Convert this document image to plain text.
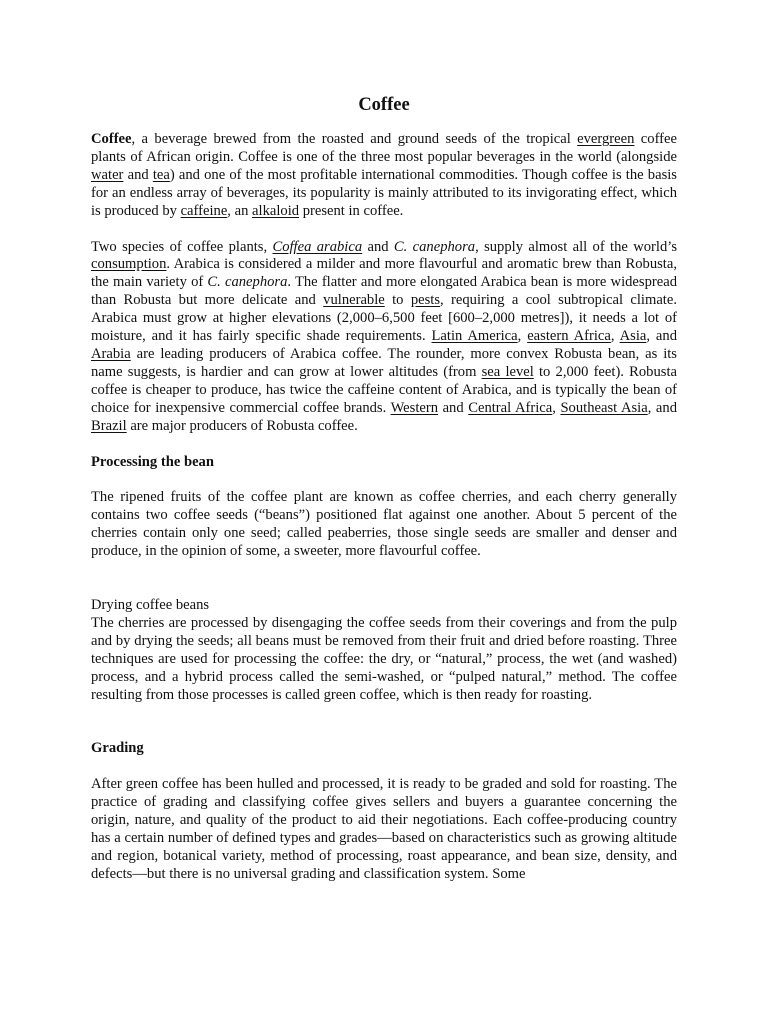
Coffee

Coffee, a beverage brewed from the roasted and ground seeds of the tropical evergreen coffee plants of African origin. Coffee is one of the three most popular beverages in the world (alongside water and tea) and one of the most profitable international commodities. Though coffee is the basis for an endless array of beverages, its popularity is mainly attributed to its invigorating effect, which is produced by caffeine, an alkaloid present in coffee.

Two species of coffee plants, Coffea arabica and C. canephora, supply almost all of the world’s consumption. Arabica is considered a milder and more flavourful and aromatic brew than Robusta, the main variety of C. canephora. The flatter and more elongated Arabica bean is more widespread than Robusta but more delicate and vulnerable to pests, requiring a cool subtropical climate. Arabica must grow at higher elevations (2,000–6,500 feet [600–2,000 metres]), it needs a lot of moisture, and it has fairly specific shade requirements. Latin America, eastern Africa, Asia, and Arabia are leading producers of Arabica coffee. The rounder, more convex Robusta bean, as its name suggests, is hardier and can grow at lower altitudes (from sea level to 2,000 feet). Robusta coffee is cheaper to produce, has twice the caffeine content of Arabica, and is typically the bean of choice for inexpensive commercial coffee brands. Western and Central Africa, Southeast Asia, and Brazil are major producers of Robusta coffee.

Processing the bean

The ripened fruits of the coffee plant are known as coffee cherries, and each cherry generally contains two coffee seeds (“beans”) positioned flat against one another. About 5 percent of the cherries contain only one seed; called peaberries, those single seeds are smaller and denser and produce, in the opinion of some, a sweeter, more flavourful coffee.

Drying coffee beans

The cherries are processed by disengaging the coffee seeds from their coverings and from the pulp and by drying the seeds; all beans must be removed from their fruit and dried before roasting. Three techniques are used for processing the coffee: the dry, or “natural,” process, the wet (and washed) process, and a hybrid process called the semi-washed, or “pulped natural,” method. The coffee resulting from those processes is called green coffee, which is then ready for roasting.

Grading

After green coffee has been hulled and processed, it is ready to be graded and sold for roasting. The practice of grading and classifying coffee gives sellers and buyers a guarantee concerning the origin, nature, and quality of the product to aid their negotiations. Each coffee-producing country has a certain number of defined types and grades—based on characteristics such as growing altitude and region, botanical variety, method of processing, roast appearance, and bean size, density, and defects—but there is no universal grading and classification system. Some
